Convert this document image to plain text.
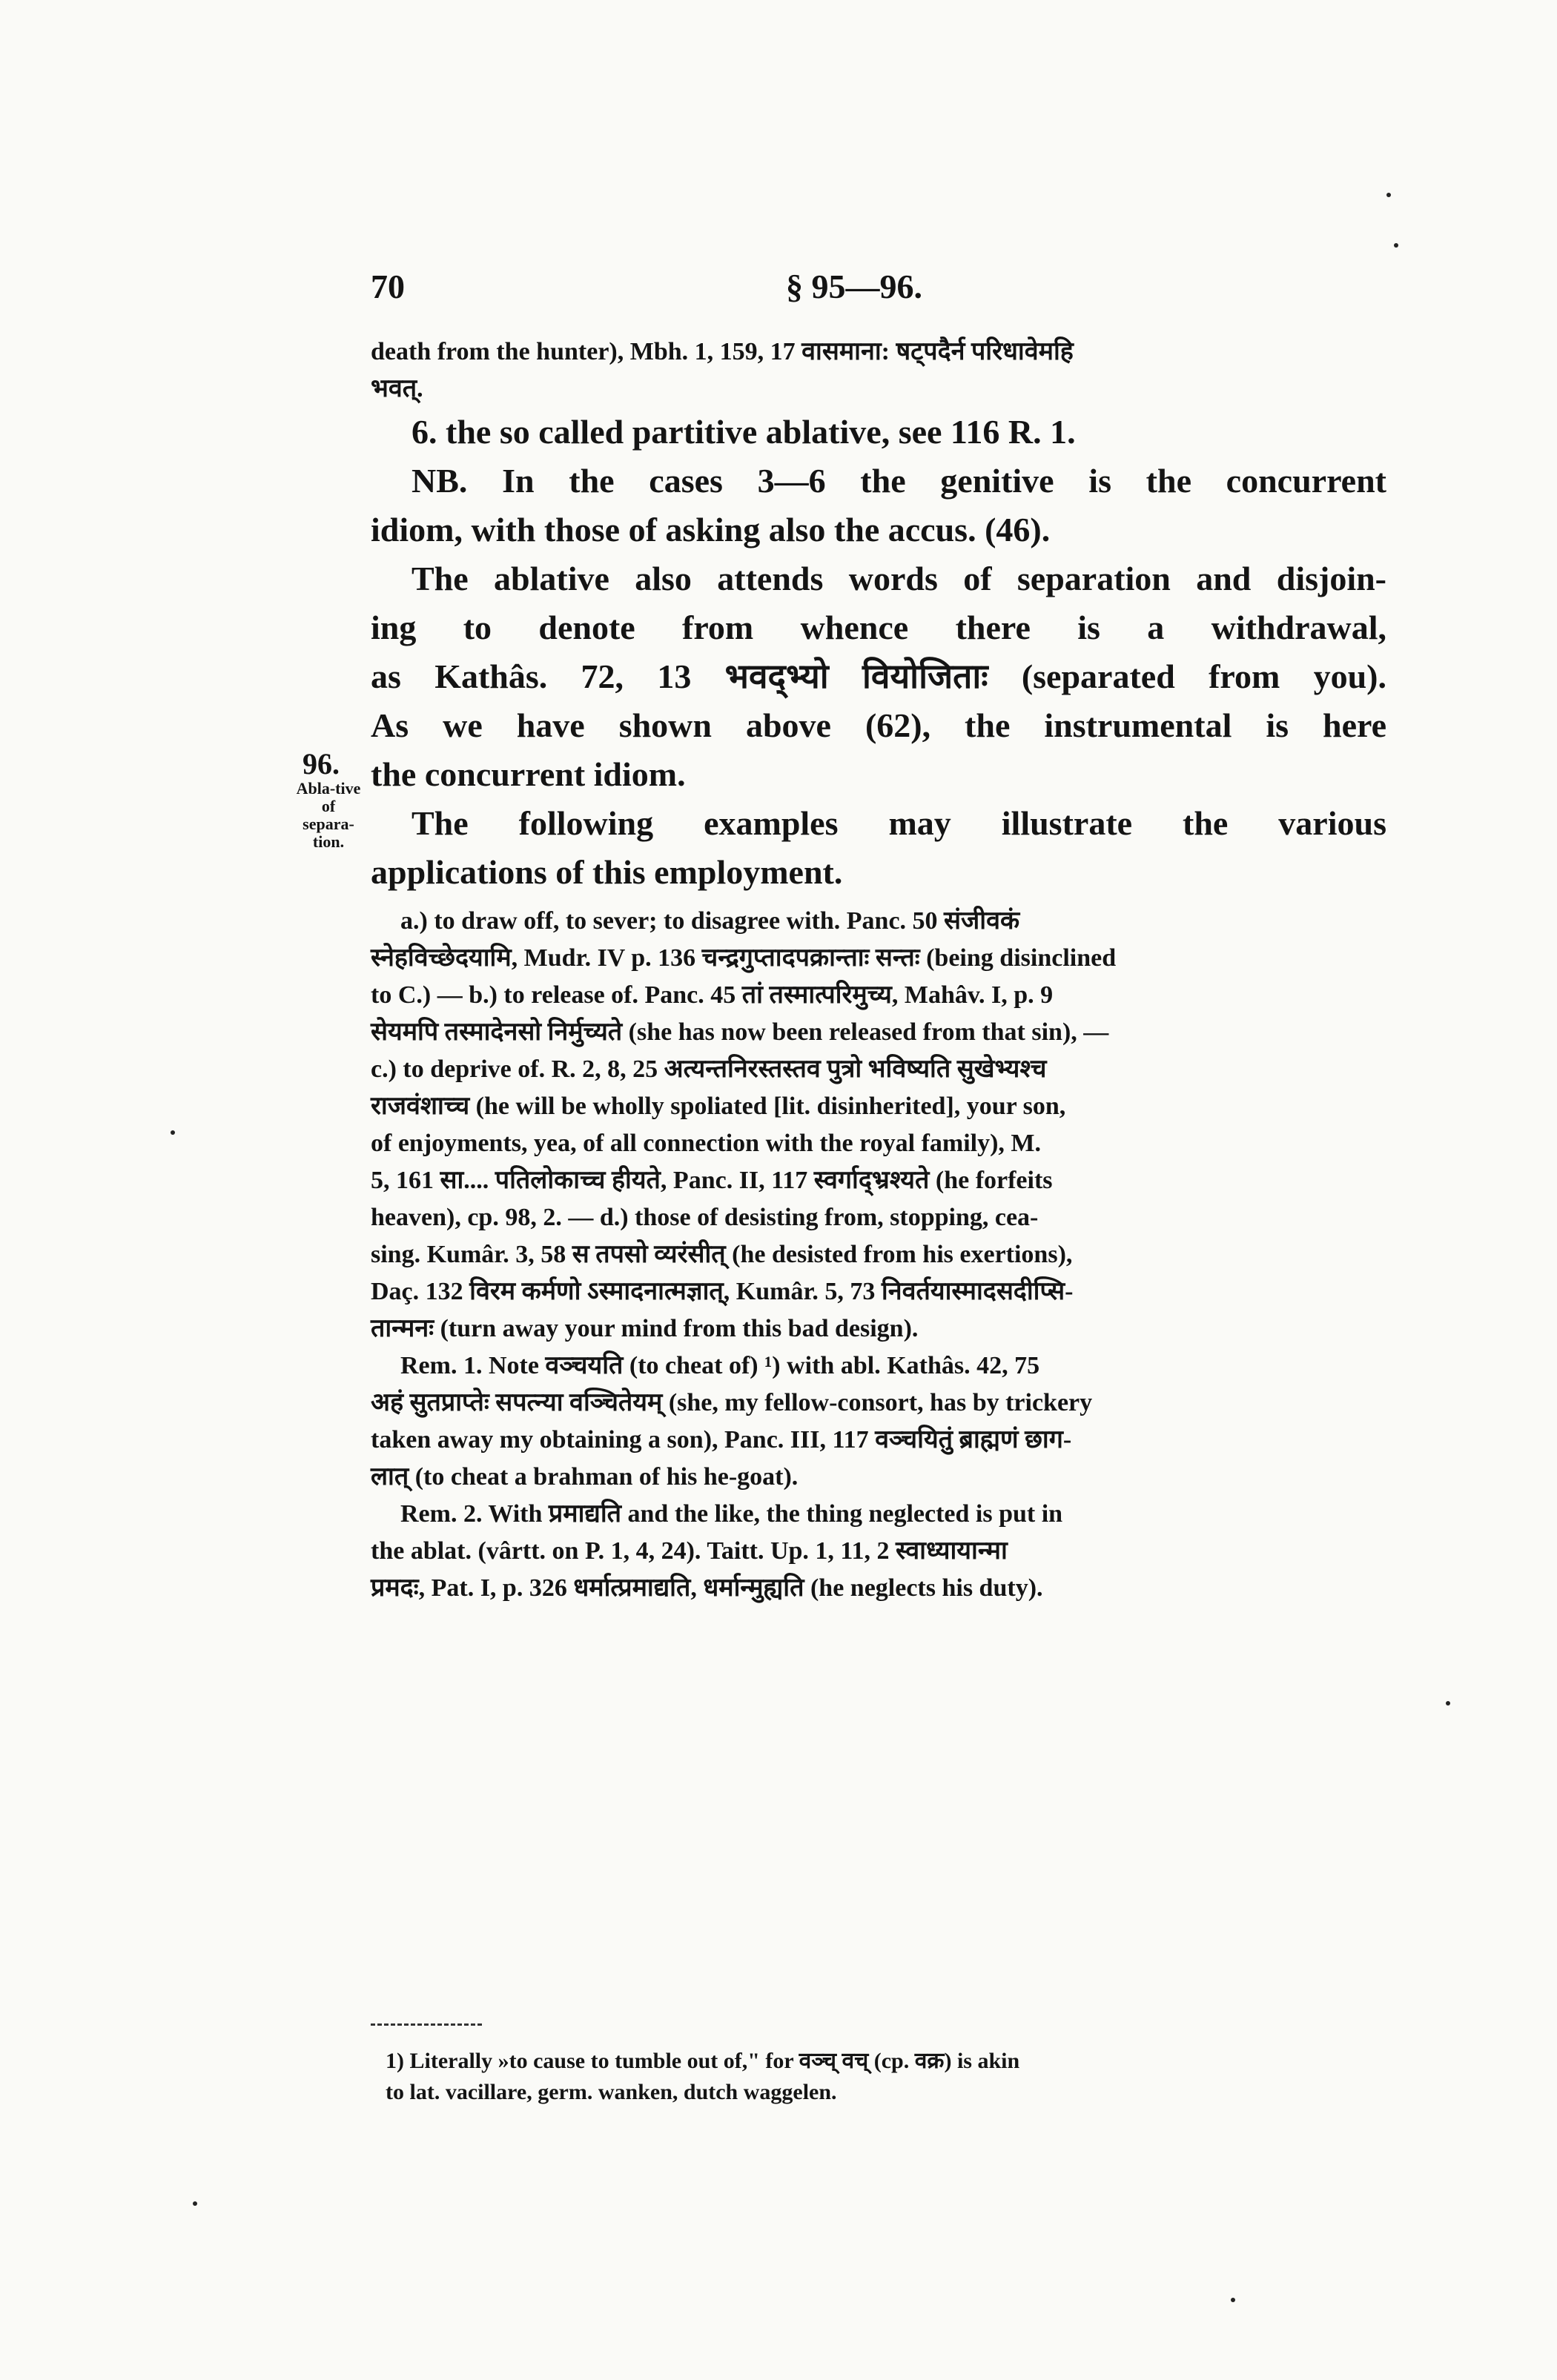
70	§ 95—96.
96.
Abla-tive of separa-tion.
death from the hunter), Mbh. 1, 159, 17 वासमाना: षट्पदैर्न परिधावेमहि
भवत्.
6. the so called partitive ablative, see 116 R. 1.
NB. In the cases 3—6 the genitive is the concurrent
idiom, with those of asking also the accus. (46).
The ablative also attends words of separation and disjoin-
ing to denote from whence there is a withdrawal,
as Kathâs. 72, 13 भवद्भ्यो वियोजिताः (separated from you).
As we have shown above (62), the instrumental is here
the concurrent idiom.
The following examples may illustrate the various
applications of this employment.
a.) to draw off, to sever; to disagree with. Panc. 50 संजीवकं
स्नेहविच्छेदयामि, Mudr. IV p. 136 चन्द्रगुप्तादपक्रान्ताः सन्तः (being disinclined
to C.) — b.) to release of. Panc. 45 तां तस्मात्परिमुच्य, Mahâv. I, p. 9
सेयमपि तस्मादेनसो निर्मुच्यते (she has now been released from that sin), —
c.) to deprive of. R. 2, 8, 25 अत्यन्तनिरस्तस्तव पुत्रो भविष्यति सुखेभ्यश्च
राजवंशाच्च (he will be wholly spoliated [lit. disinherited], your son,
of enjoyments, yea, of all connection with the royal family), M.
5, 161 सा.... पतिलोकाच्च हीयते, Panc. II, 117 स्वर्गाद्भ्रश्यते (he forfeits
heaven), cp. 98, 2. — d.) those of desisting from, stopping, cea-
sing. Kumâr. 3, 58 स तपसो व्यरंसीत् (he desisted from his exertions),
Daç. 132 विरम कर्मणो ऽस्मादनात्मज्ञात्, Kumâr. 5, 73 निवर्तयास्मादसदीप्सि-
तान्मनः (turn away your mind from this bad design).
Rem. 1. Note वञ्चयति (to cheat of) ¹) with abl. Kathâs. 42, 75
अहं सुतप्राप्तेः सपत्न्या वञ्चितेयम् (she, my fellow-consort, has by trickery
taken away my obtaining a son), Panc. III, 117 वञ्चयितुं ब्राह्मणं छाग-
लात् (to cheat a brahman of his he-goat).
Rem. 2. With प्रमाद्यति and the like, the thing neglected is put in
the ablat. (vârtt. on P. 1, 4, 24). Taitt. Up. 1, 11, 2 स्वाध्यायान्मा
प्रमदः, Pat. I, p. 326 धर्मात्प्रमाद्यति, धर्मान्मुह्यति (he neglects his duty).
1) Literally »to cause to tumble out of," for वञ्च् वच् (cp. वक्र) is akin
to lat. vacillare, germ. wanken, dutch waggelen.
